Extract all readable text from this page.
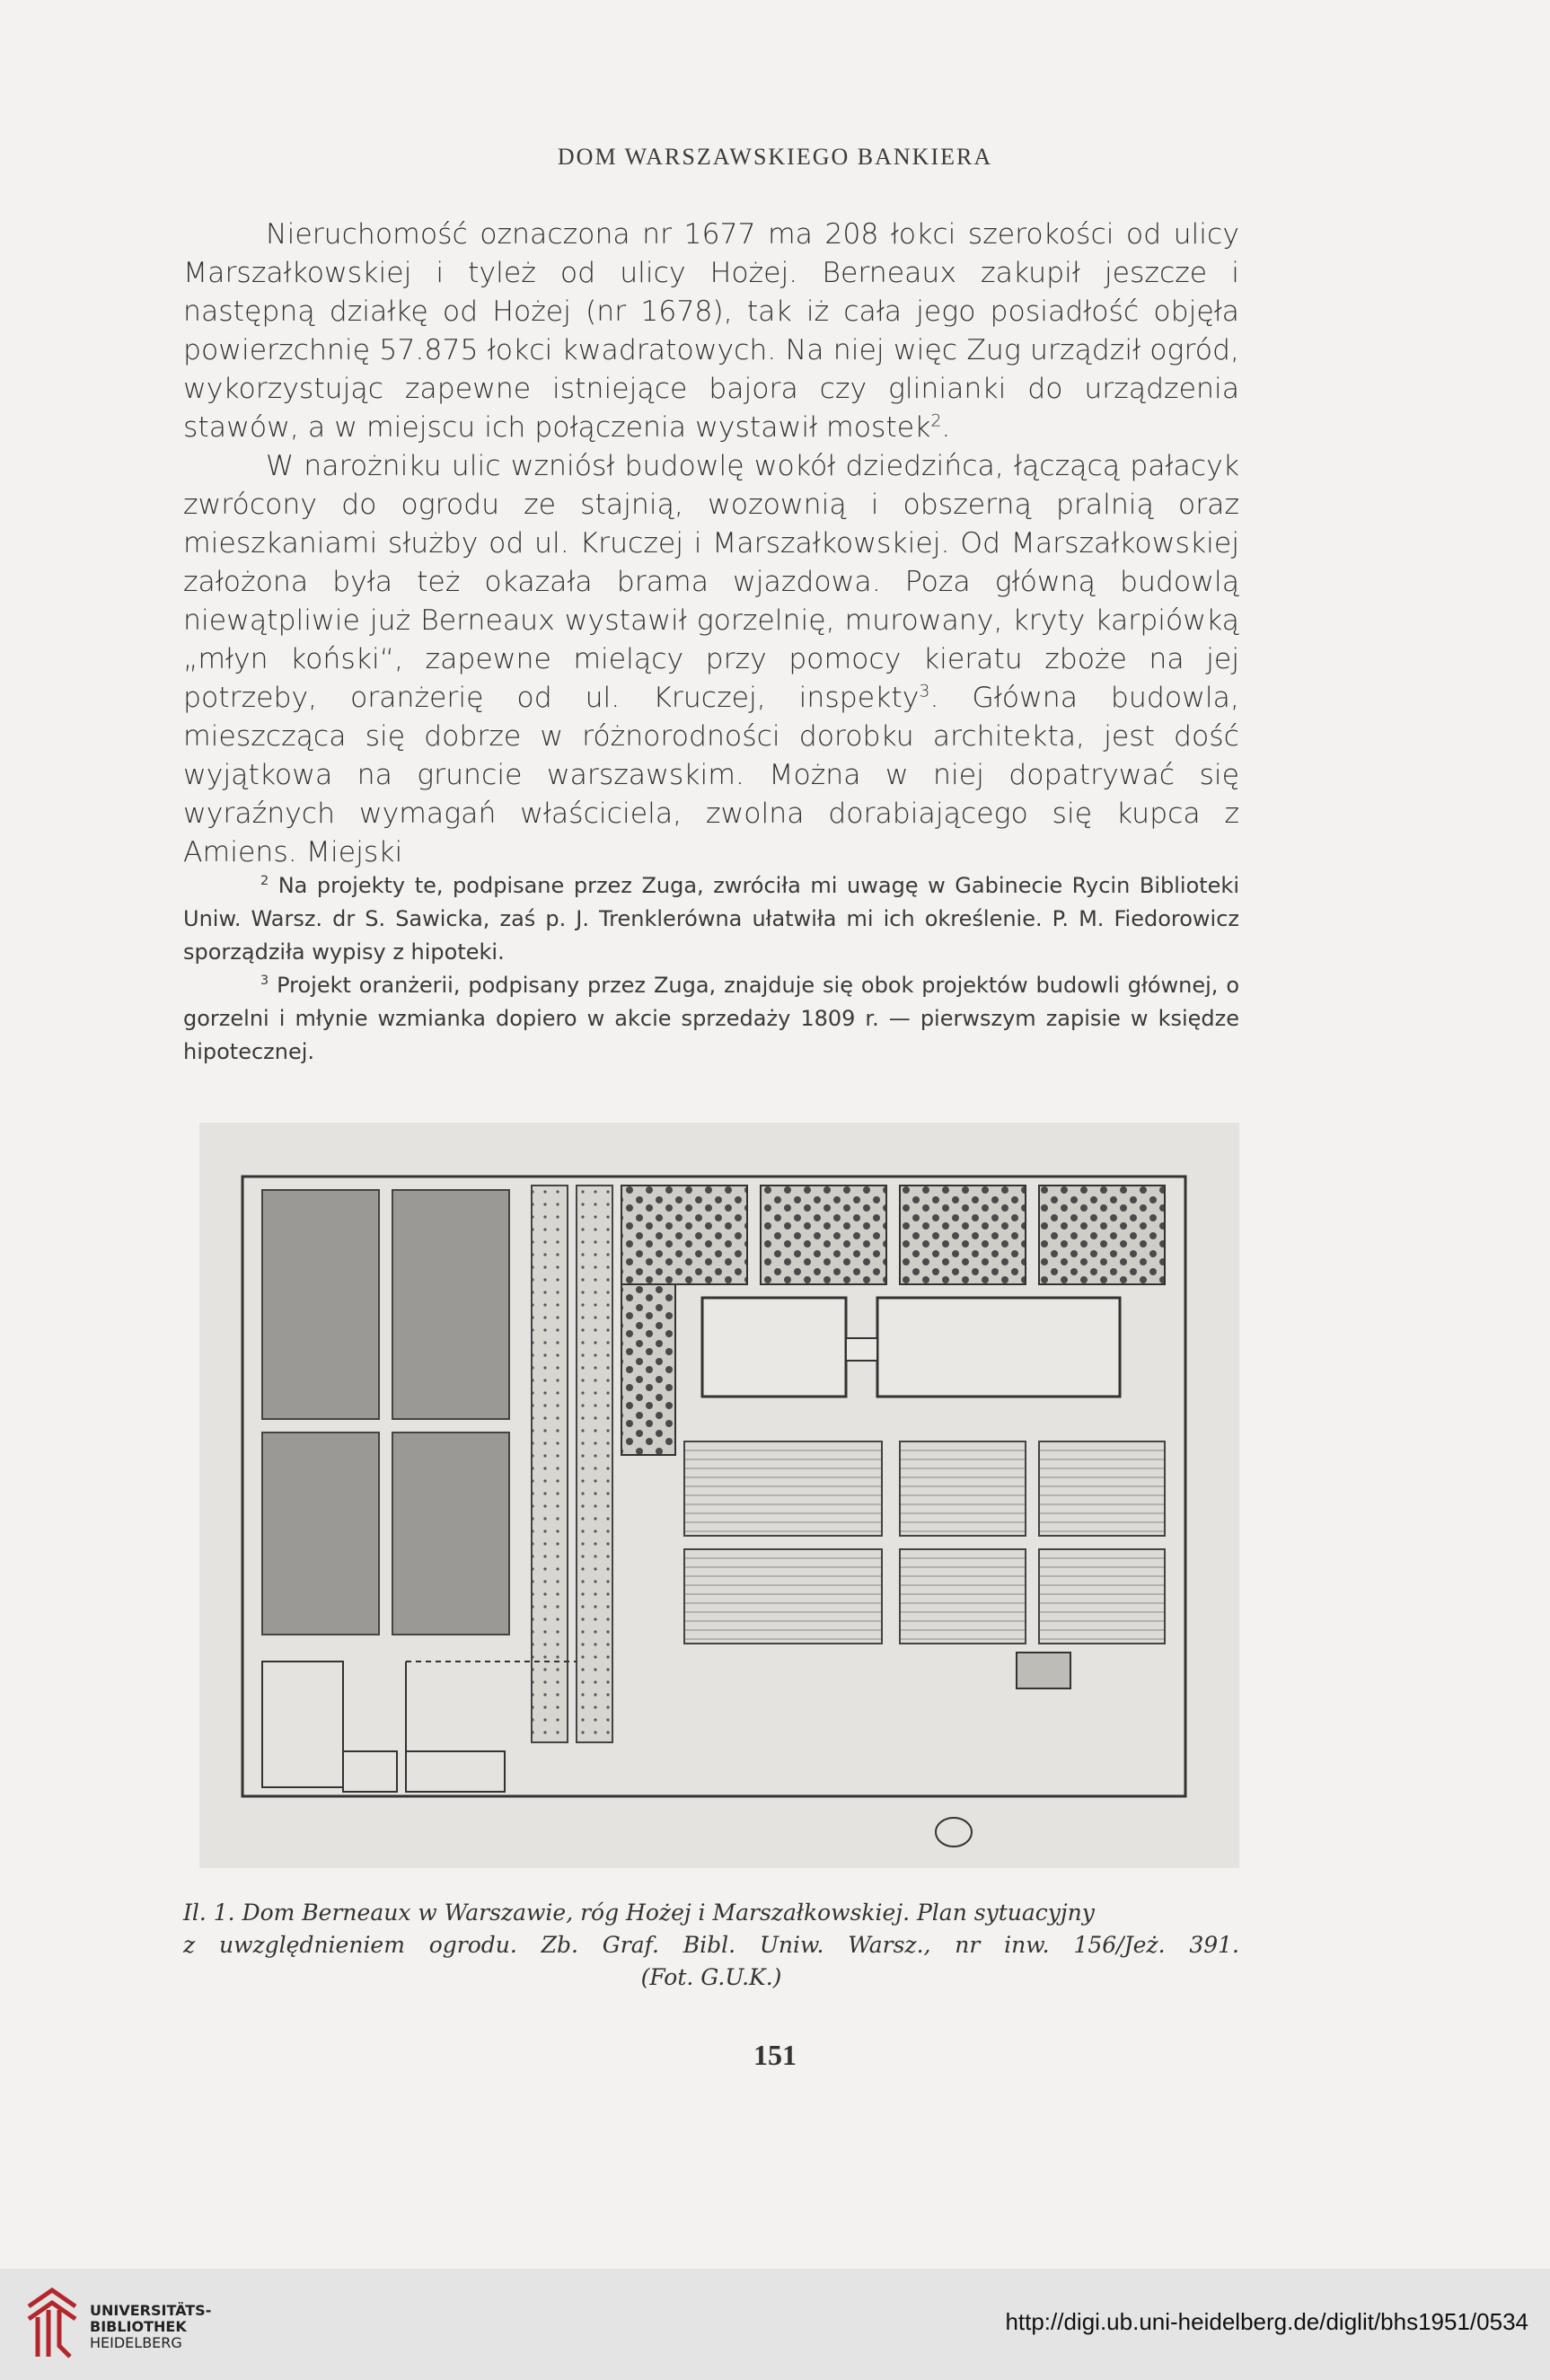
DOM WARSZAWSKIEGO BANKIERA

Nieruchomość oznaczona nr 1677 ma 208 łokci szerokości od ulicy Marszałkowskiej i tyleż od ulicy Hożej. Berneaux zakupił jeszcze i następną działkę od Hożej (nr 1678), tak iż cała jego posiadłość objęła powierzchnię 57.875 łokci kwadratowych. Na niej więc Zug urządził ogród, wykorzystując zapewne istniejące bajora czy glinianki do urządzenia stawów, a w miejscu ich połączenia wystawił mostek$^2$.

W narożniku ulic wzniósł budowlę wokół dziedzińca, łączącą pałacyk zwrócony do ogrodu ze stajnią, wozownią i obszerną pralnią oraz mieszkaniami służby od ul. Kruczej i Marszałkowskiej. Od Marszałkowskiej założona była też okazała brama wjazdowa. Poza główną budowlą niewątpliwie już Berneaux wystawił gorzelnię, murowany, kryty karpiówką „młyn koński“, zapewne mielący przy pomocy kieratu zboże na jej potrzeby, oranżerię od ul. Kruczej, inspekty$^3$. Główna budowla, mieszcząca się dobrze w różnorodności dorobku architekta, jest dość wyjątkowa na gruncie warszawskim. Można w niej dopatrywać się wyraźnych wymagań właściciela, zwolna dorabiającego się kupca z Amiens. Miejski

$^2$ Na projekty te, podpisane przez Zuga, zwróciła mi uwagę w Gabinecie Rycin Biblioteki Uniw. Warsz. dr S. Sawicka, zaś p. J. Trenklerówna ułatwiła mi ich określenie. P. M. Fiedorowicz sporządziła wypisy z hipoteki.

$^3$ Projekt oranżerii, podpisany przez Zuga, znajduje się obok projektów budowli głównej, o gorzelni i młynie wzmianka dopiero w akcie sprzedaży 1809 r. — pierwszym zapisie w księdze hipotecznej.

Il. 1. Dom Berneaux w Warszawie, róg Hożej i Marszałkowskiej. Plan sytuacyjny
z uwzględnieniem ogrodu. Zb. Graf. Bibl. Uniw. Warsz., nr inw. 156/Jeż. 391.
(Fot. G.U.K.)
151
UNIVERSITÄTS-
BIBLIOTHEK
HEIDELBERG
http://digi.ub.uni-heidelberg.de/diglit/bhs1951/0534
